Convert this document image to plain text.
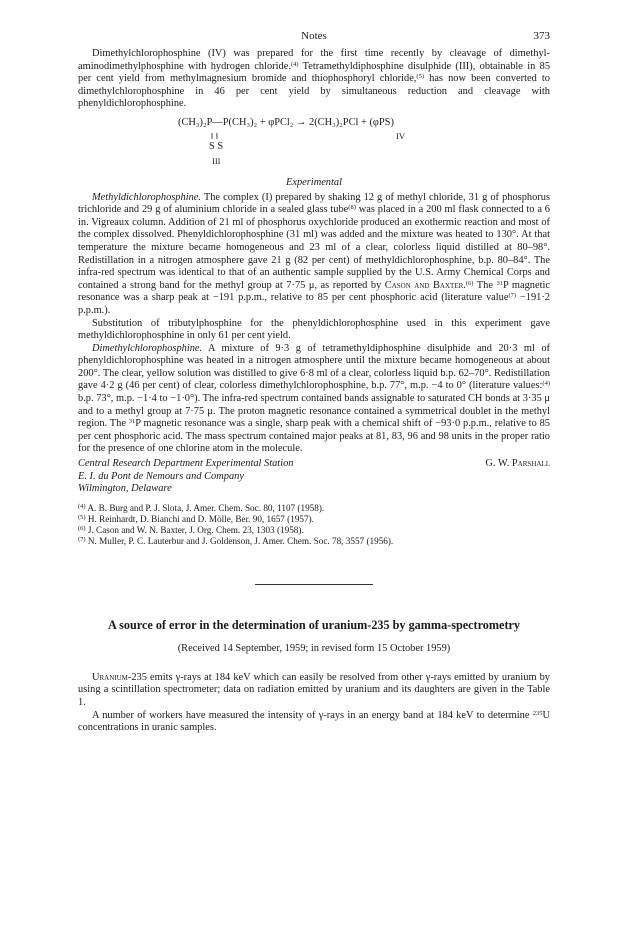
Notes	373

Dimethylchlorophosphine (IV) was prepared for the first time recently by cleavage of dimethyl-aminodimethylphosphine with hydrogen chloride.$^{(4)}$ Tetramethyldiphosphine disulphide (III), obtainable in 85 per cent yield from methylmagnesium bromide and thiophosphoryl chloride,$^{(5)}$ has now been converted to dimethylchlorophosphine in 46 per cent yield by simultaneous reduction and cleavage with phenyldichlorophosphine.

(CH₃)₂P—P(CH₃)₂ + φPCl₂ → 2(CH₃)₂PCl + (φPS)
‖ ‖
S S
III
IV
Experimental

Methyldichlorophosphine. The complex (I) prepared by shaking 12 g of methyl chloride, 31 g of phosphorus trichloride and 29 g of aluminium chloride in a sealed glass tube$^{(8)}$ was placed in a 200 ml flask connected to a 6 in. Vigreaux column. Addition of 21 ml of phosphorus oxychloride produced an exothermic reaction and most of the complex dissolved. Phenyldichlorophosphine (31 ml) was added and the mixture was heated to 130°. At that temperature the mixture became homogeneous and 23 ml of a clear, colorless liquid distilled at 80–98°. Redistillation in a nitrogen atmosphere gave 21 g (82 per cent) of methyldichlorophosphine, b.p. 80–84°. The infra-red spectrum was identical to that of an authentic sample supplied by the U.S. Army Chemical Corps and contained a strong band for the methyl group at 7·75 μ, as reported by Cason and Baxter.$^{(6)}$ The $^{31}$P magnetic resonance was a sharp peak at −191 p.p.m., relative to 85 per cent phosphoric acid (literature value$^{(7)}$ −191·2 p.p.m.).

Substitution of tributylphosphine for the phenyldichlorophosphine used in this experiment gave methyldichlorophosphine in only 61 per cent yield.

Dimethylchlorophosphine. A mixture of 9·3 g of tetramethyldiphosphine disulphide and 20·3 ml of phenyldichlorophosphine was heated in a nitrogen atmosphere until the mixture became homogeneous at about 200°. The clear, yellow solution was distilled to give 6·8 ml of a clear, colorless liquid b.p. 62–70°. Redistillation gave 4·2 g (46 per cent) of clear, colorless dimethylchlorophosphine, b.p. 77°, m.p. −4 to 0° (literature values:$^{(4)}$ b.p. 73°, m.p. −1·4 to −1·0°). The infra-red spectrum contained bands assignable to saturated CH bonds at 3·35 μ and to a methyl group at 7·75 μ. The proton magnetic resonance contained a symmetrical doublet in the methyl region. The $^{31}$P magnetic resonance was a single, sharp peak with a chemical shift of −93·0 p.p.m., relative to 85 per cent phosphoric acid. The mass spectrum contained major peaks at 81, 83, 96 and 98 units in the proper ratio for the presence of one chlorine atom in the molecule.

Central Research Department Experimental Station
E. I. du Pont de Nemours and Company
Wilmington, Delaware
G. W. Parshall
$^{(4)}$ A. B. Burg and P. J. Slota, J. Amer. Chem. Soc. 80, 1107 (1958).
$^{(5)}$ H. Reinhardt, D. Bianchi and D. Mölle, Ber. 90, 1657 (1957).
$^{(6)}$ J. Cason and W. N. Baxter, J. Org. Chem. 23, 1303 (1958).
$^{(7)}$ N. Muller, P. C. Lauterbur and J. Goldenson, J. Amer. Chem. Soc. 78, 3557 (1956).
A source of error in the determination of uranium-235 by gamma-spectrometry
(Received 14 September, 1959; in revised form 15 October 1959)

Uranium-235 emits γ-rays at 184 keV which can easily be resolved from other γ-rays emitted by uranium by using a scintillation spectrometer; data on radiation emitted by uranium and its daughters are given in the Table 1.

A number of workers have measured the intensity of γ-rays in an energy band at 184 keV to determine $^{235}$U concentrations in uranic samples.
